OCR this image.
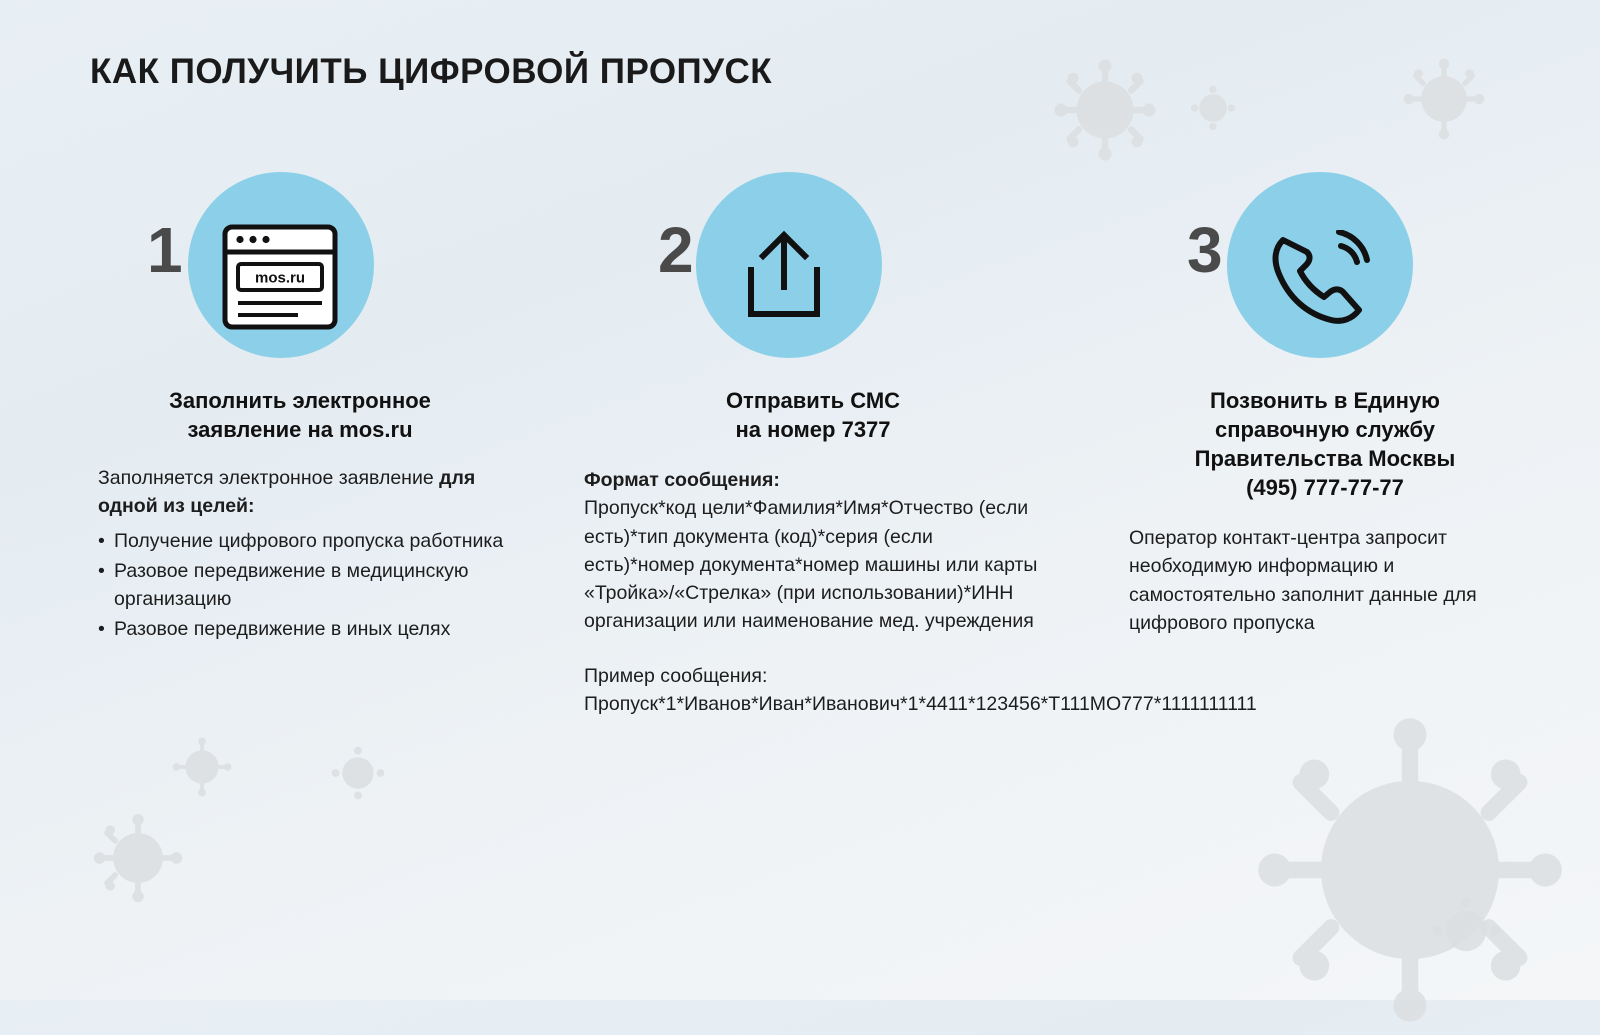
КАК ПОЛУЧИТЬ ЦИФРОВОЙ ПРОПУСК
1	mos.ru
Заполнить электронное
заявление на mos.ru
Заполняется электронное заявление для одной из целей:
• Получение цифрового пропуска работника
• Разовое передвижение в медицинскую организацию
• Разовое передвижение в иных целях
2
Отправить СМС
на номер 7377
Формат сообщения:
Пропуск*код цели*Фамилия*Имя*Отчество (если есть)*тип документа (код)*серия (если есть)*номер документа*номер машины или карты «Тройка»/«Стрелка» (при использовании)*ИНН организации или наименование мед. учреждения
Пример сообщения:
Пропуск*1*Иванов*Иван*Иванович*1*4411*123456*Т111МО777*1111111111
3
Позвонить в Единую
справочную службу
Правительства Москвы
(495) 777-77-77
Оператор контакт-центра запросит необходимую информацию и самостоятельно заполнит данные для цифрового пропуска
